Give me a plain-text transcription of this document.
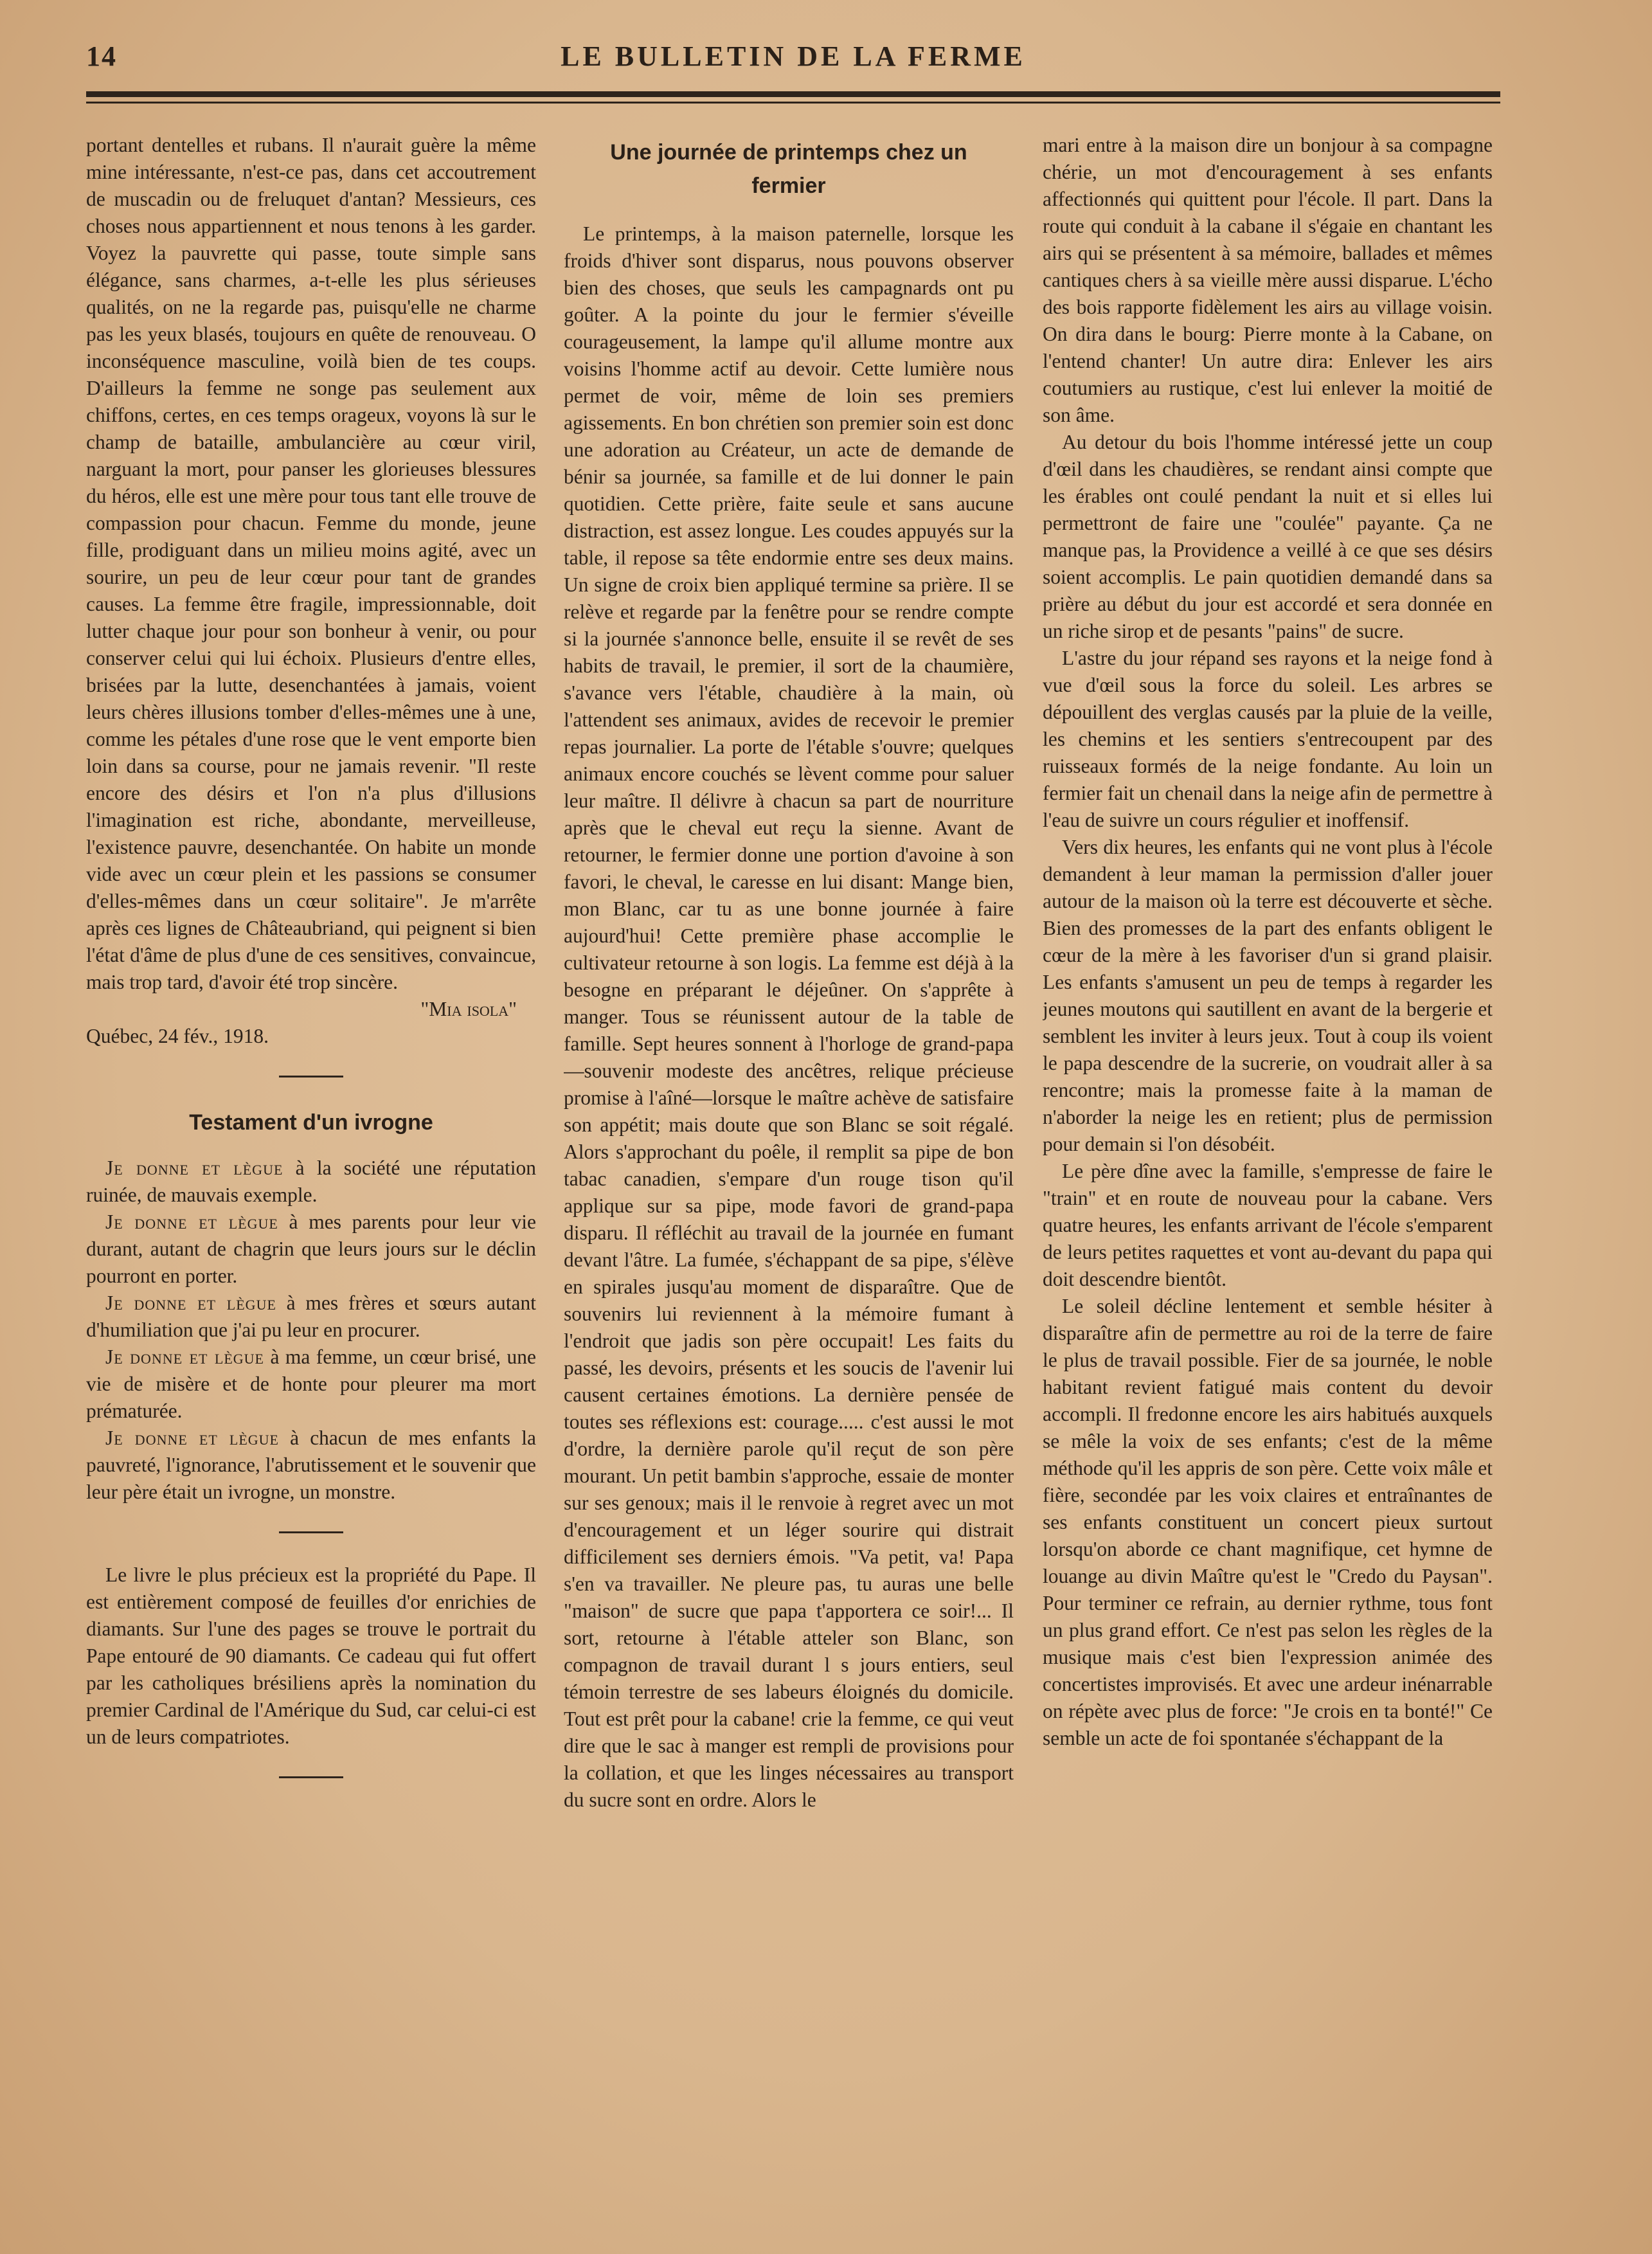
14	LE BULLETIN DE LA FERME

portant dentelles et rubans. Il n'aurait guère la même mine intéressante, n'est-ce pas, dans cet accoutrement de muscadin ou de freluquet d'antan? Messieurs, ces choses nous appartiennent et nous tenons à les garder. Voyez la pauvrette qui passe, toute simple sans élégance, sans charmes, a-t-elle les plus sérieuses qualités, on ne la regarde pas, puisqu'elle ne charme pas les yeux blasés, toujours en quête de renouveau. O inconséquence masculine, voilà bien de tes coups. D'ailleurs la femme ne songe pas seulement aux chiffons, certes, en ces temps orageux, voyons là sur le champ de bataille, ambulancière au cœur viril, narguant la mort, pour panser les glorieuses blessures du héros, elle est une mère pour tous tant elle trouve de compassion pour chacun. Femme du monde, jeune fille, prodiguant dans un milieu moins agité, avec un sourire, un peu de leur cœur pour tant de grandes causes. La femme être fragile, impressionnable, doit lutter chaque jour pour son bonheur à venir, ou pour conserver celui qui lui échoix. Plusieurs d'entre elles, brisées par la lutte, desenchantées à jamais, voient leurs chères illusions tomber d'elles-mêmes une à une, comme les pétales d'une rose que le vent emporte bien loin dans sa course, pour ne jamais revenir. "Il reste encore des désirs et l'on n'a plus d'illusions l'imagination est riche, abondante, merveilleuse, l'existence pauvre, desenchantée. On habite un monde vide avec un cœur plein et les passions se consumer d'elles-mêmes dans un cœur solitaire". Je m'arrête après ces lignes de Châteaubriand, qui peignent si bien l'état d'âme de plus d'une de ces sensitives, convaincue, mais trop tard, d'avoir été trop sincère.

"Mia isola"

Québec, 24 fév., 1918.

Testament d'un ivrogne

Je donne et lègue à la société une réputation ruinée, de mauvais exemple.

Je donne et lègue à mes parents pour leur vie durant, autant de chagrin que leurs jours sur le déclin pourront en porter.

Je donne et lègue à mes frères et sœurs autant d'humiliation que j'ai pu leur en procurer.

Je donne et lègue à ma femme, un cœur brisé, une vie de misère et de honte pour pleurer ma mort prématurée.

Je donne et lègue à chacun de mes enfants la pauvreté, l'ignorance, l'abrutissement et le souvenir que leur père était un ivrogne, un monstre.

Le livre le plus précieux est la propriété du Pape. Il est entièrement composé de feuilles d'or enrichies de diamants. Sur l'une des pages se trouve le portrait du Pape entouré de 90 diamants. Ce cadeau qui fut offert par les catholiques brésiliens après la nomination du premier Cardinal de l'Amérique du Sud, car celui-ci est un de leurs compatriotes.

Une journée de printemps chez un fermier

Le printemps, à la maison paternelle, lorsque les froids d'hiver sont disparus, nous pouvons observer bien des choses, que seuls les campagnards ont pu goûter. A la pointe du jour le fermier s'éveille courageusement, la lampe qu'il allume montre aux voisins l'homme actif au devoir. Cette lumière nous permet de voir, même de loin ses premiers agissements. En bon chrétien son premier soin est donc une adoration au Créateur, un acte de demande de bénir sa journée, sa famille et de lui donner le pain quotidien. Cette prière, faite seule et sans aucune distraction, est assez longue. Les coudes appuyés sur la table, il repose sa tête endormie entre ses deux mains. Un signe de croix bien appliqué termine sa prière. Il se relève et regarde par la fenêtre pour se rendre compte si la journée s'annonce belle, ensuite il se revêt de ses habits de travail, le premier, il sort de la chaumière, s'avance vers l'étable, chaudière à la main, où l'attendent ses animaux, avides de recevoir le premier repas journalier. La porte de l'étable s'ouvre; quelques animaux encore couchés se lèvent comme pour saluer leur maître. Il délivre à chacun sa part de nourriture après que le cheval eut reçu la sienne. Avant de retourner, le fermier donne une portion d'avoine à son favori, le cheval, le caresse en lui disant: Mange bien, mon Blanc, car tu as une bonne journée à faire aujourd'hui! Cette première phase accomplie le cultivateur retourne à son logis. La femme est déjà à la besogne en préparant le déjeûner. On s'apprête à manger. Tous se réunissent autour de la table de famille. Sept heures sonnent à l'horloge de grand-papa—souvenir modeste des ancêtres, relique précieuse promise à l'aîné—lorsque le maître achève de satisfaire son appétit; mais doute que son Blanc se soit régalé. Alors s'approchant du poêle, il remplit sa pipe de bon tabac canadien, s'empare d'un rouge tison qu'il applique sur sa pipe, mode favori de grand-papa disparu. Il réfléchit au travail de la journée en fumant devant l'âtre. La fumée, s'échappant de sa pipe, s'élève en spirales jusqu'au moment de disparaître. Que de souvenirs lui reviennent à la mémoire fumant à l'endroit que jadis son père occupait! Les faits du passé, les devoirs, présents et les soucis de l'avenir lui causent certaines émotions. La dernière pensée de toutes ses réflexions est: courage..... c'est aussi le mot d'ordre, la dernière parole qu'il reçut de son père mourant. Un petit bambin s'approche, essaie de monter sur ses genoux; mais il le renvoie à regret avec un mot d'encouragement et un léger sourire qui distrait difficilement ses derniers émois. "Va petit, va! Papa s'en va travailler. Ne pleure pas, tu auras une belle "maison" de sucre que papa t'apportera ce soir!... Il sort, retourne à l'étable atteler son Blanc, son compagnon de travail durant l s jours entiers, seul témoin terrestre de ses labeurs éloignés du domicile. Tout est prêt pour la cabane! crie la femme, ce qui veut dire que le sac à manger est rempli de provisions pour la collation, et que les linges nécessaires au transport du sucre sont en ordre. Alors le

mari entre à la maison dire un bonjour à sa compagne chérie, un mot d'encouragement à ses enfants affectionnés qui quittent pour l'école. Il part. Dans la route qui conduit à la cabane il s'égaie en chantant les airs qui se présentent à sa mémoire, ballades et mêmes cantiques chers à sa vieille mère aussi disparue. L'écho des bois rapporte fidèlement les airs au village voisin. On dira dans le bourg: Pierre monte à la Cabane, on l'entend chanter! Un autre dira: Enlever les airs coutumiers au rustique, c'est lui enlever la moitié de son âme.

Au detour du bois l'homme intéressé jette un coup d'œil dans les chaudières, se rendant ainsi compte que les érables ont coulé pendant la nuit et si elles lui permettront de faire une "coulée" payante. Ça ne manque pas, la Providence a veillé à ce que ses désirs soient accomplis. Le pain quotidien demandé dans sa prière au début du jour est accordé et sera donnée en un riche sirop et de pesants "pains" de sucre.

L'astre du jour répand ses rayons et la neige fond à vue d'œil sous la force du soleil. Les arbres se dépouillent des verglas causés par la pluie de la veille, les chemins et les sentiers s'entrecoupent par des ruisseaux formés de la neige fondante. Au loin un fermier fait un chenail dans la neige afin de permettre à l'eau de suivre un cours régulier et inoffensif.

Vers dix heures, les enfants qui ne vont plus à l'école demandent à leur maman la permission d'aller jouer autour de la maison où la terre est découverte et sèche. Bien des promesses de la part des enfants obligent le cœur de la mère à les favoriser d'un si grand plaisir. Les enfants s'amusent un peu de temps à regarder les jeunes moutons qui sautillent en avant de la bergerie et semblent les inviter à leurs jeux. Tout à coup ils voient le papa descendre de la sucrerie, on voudrait aller à sa rencontre; mais la promesse faite à la maman de n'aborder la neige les en retient; plus de permission pour demain si l'on désobéit.

Le père dîne avec la famille, s'empresse de faire le "train" et en route de nouveau pour la cabane. Vers quatre heures, les enfants arrivant de l'école s'emparent de leurs petites raquettes et vont au-devant du papa qui doit descendre bientôt.

Le soleil décline lentement et semble hésiter à disparaître afin de permettre au roi de la terre de faire le plus de travail possible. Fier de sa journée, le noble habitant revient fatigué mais content du devoir accompli. Il fredonne encore les airs habitués auxquels se mêle la voix de ses enfants; c'est de la même méthode qu'il les appris de son père. Cette voix mâle et fière, secondée par les voix claires et entraînantes de ses enfants constituent un concert pieux surtout lorsqu'on aborde ce chant magnifique, cet hymne de louange au divin Maître qu'est le "Credo du Paysan". Pour terminer ce refrain, au dernier rythme, tous font un plus grand effort. Ce n'est pas selon les règles de la musique mais c'est bien l'expression animée des concertistes improvisés. Et avec une ardeur inénarrable on répète avec plus de force: "Je crois en ta bonté!" Ce semble un acte de foi spontanée s'échappant de la
